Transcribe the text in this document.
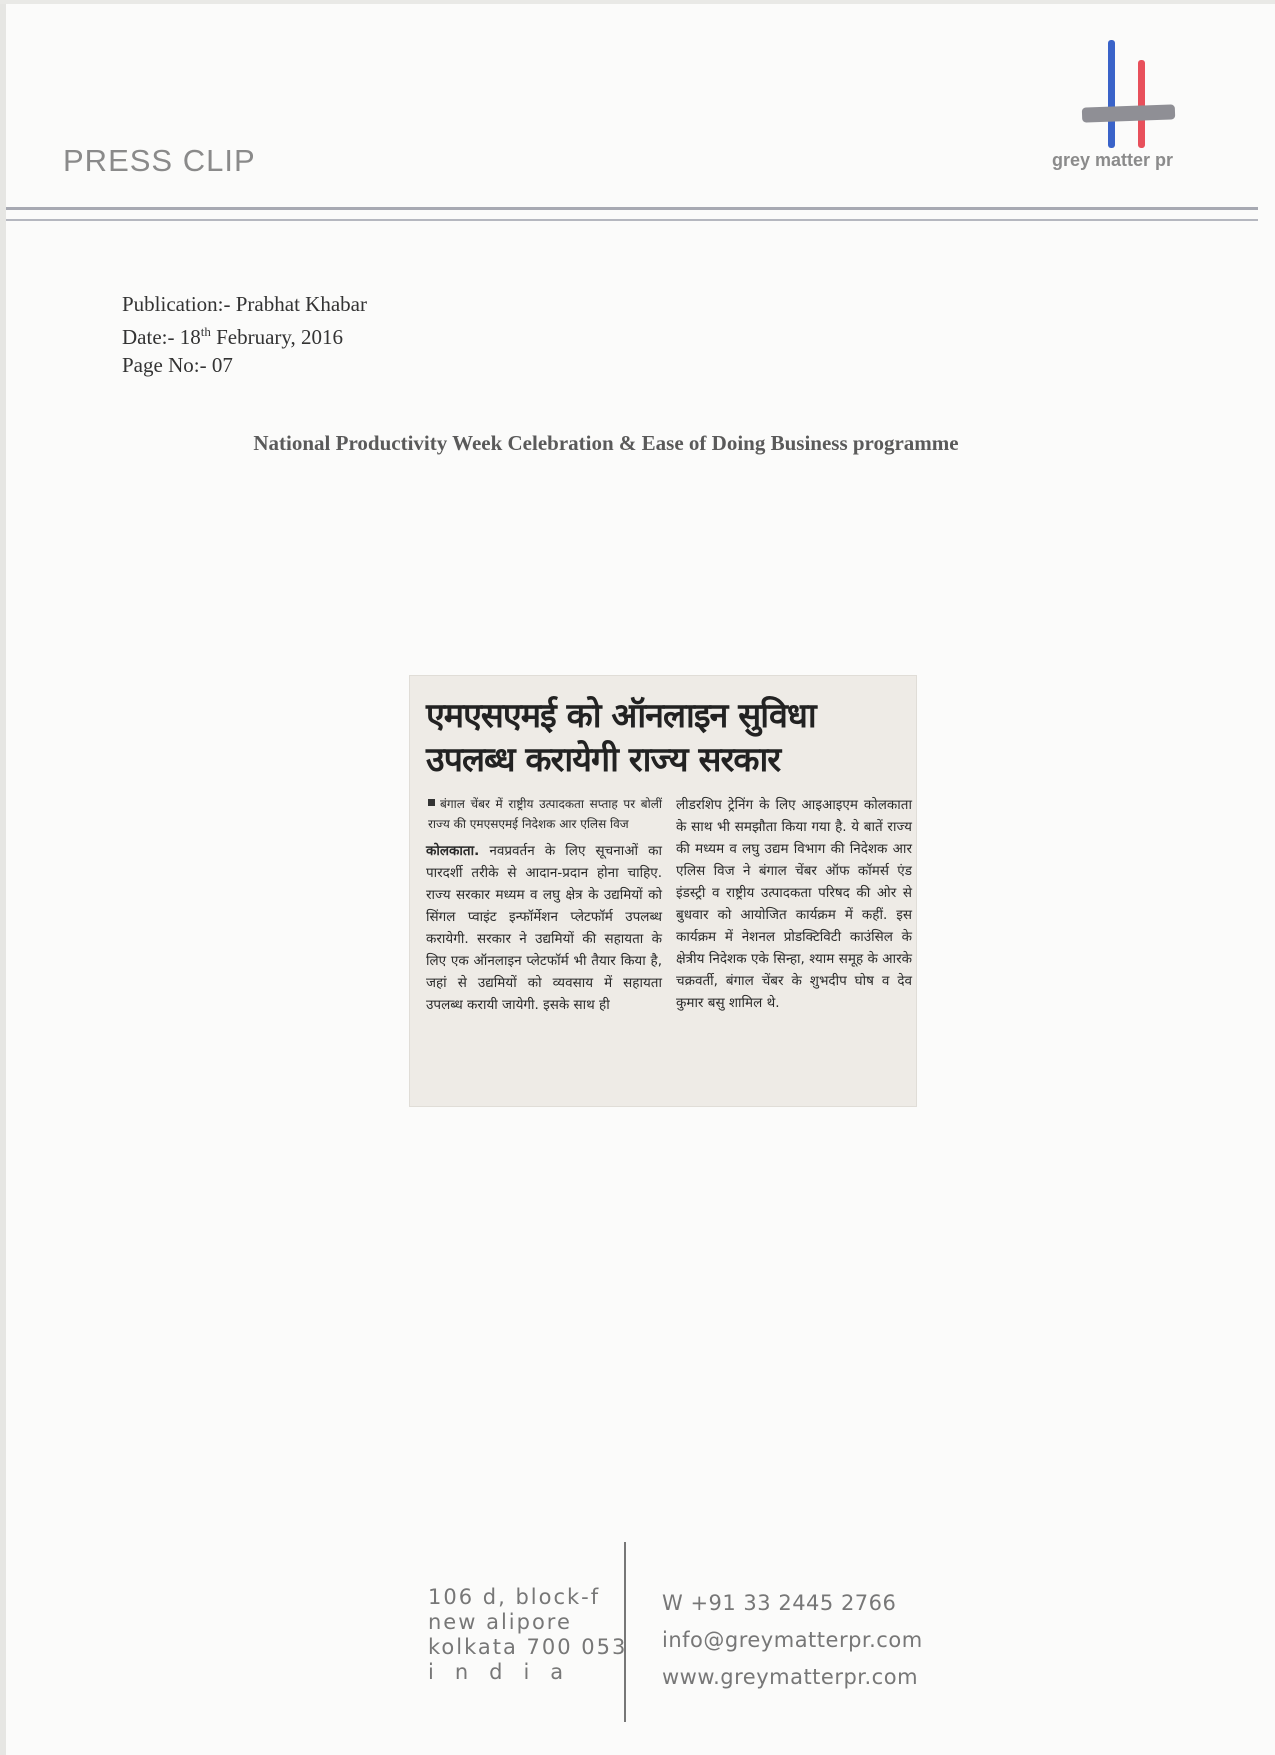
PRESS CLIP	grey matter pr
Publication:- Prabhat Khabar
Date:- 18th February, 2016
Page No:- 07
National Productivity Week Celebration & Ease of Doing Business programme
एमएसएमई को ऑनलाइन सुविधा
उपलब्ध करायेगी राज्य सरकार
बंगाल चेंबर में राष्ट्रीय उत्पादकता सप्ताह पर बोलीं राज्य की एमएसएमई निदेशक आर एलिस विज
कोलकाता. नवप्रवर्तन के लिए सूचनाओं का पारदर्शी तरीके से आदान-प्रदान होना चाहिए. राज्य सरकार मध्यम व लघु क्षेत्र के उद्यमियों को सिंगल प्वाइंट इन्फॉर्मेशन प्लेटफॉर्म उपलब्ध करायेगी. सरकार ने उद्यमियों की सहायता के लिए एक ऑनलाइन प्लेटफॉर्म भी तैयार किया है, जहां से उद्यमियों को व्यवसाय में सहायता उपलब्ध करायी जायेगी. इसके साथ ही
लीडरशिप ट्रेनिंग के लिए आइआइएम कोलकाता के साथ भी समझौता किया गया है. ये बातें राज्य की मध्यम व लघु उद्यम विभाग की निदेशक आर एलिस विज ने बंगाल चेंबर ऑफ कॉमर्स एंड इंडस्ट्री व राष्ट्रीय उत्पादकता परिषद की ओर से बुधवार को आयोजित कार्यक्रम में कहीं. इस कार्यक्रम में नेशनल प्रोडक्टिविटी काउंसिल के क्षेत्रीय निदेशक एके सिन्हा, श्याम समूह के आरके चक्रवर्ती, बंगाल चेंबर के शुभदीप घोष व देव कुमार बसु शामिल थे.
106 d, block-f
new alipore
kolkata 700 053
india
W +91 33 2445 2766
info@greymatterpr.com
www.greymatterpr.com
